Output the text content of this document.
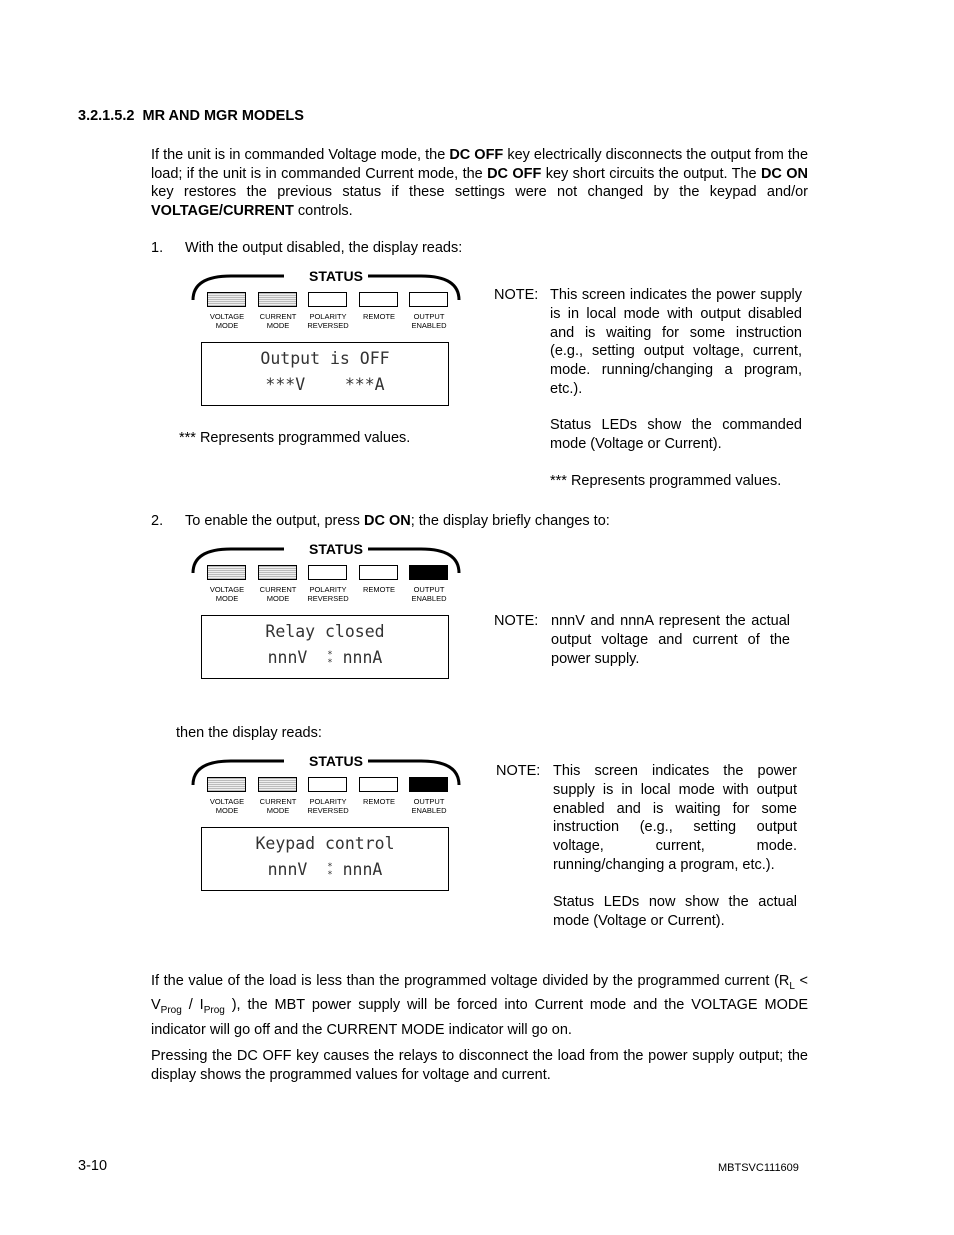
3.2.1.5.2  MR AND MGR MODELS
If the unit is in commanded Voltage mode, the DC OFF key electrically disconnects the output from the load; if the unit is in commanded Current mode, the DC OFF key short circuits the output. The DC ON key restores the previous status if these settings were not changed by the keypad and/or VOLTAGE/CURRENT controls.
1. With the output disabled, the display reads:
STATUS
VOLTAGE
MODE
CURRENT
MODE
POLARITY
REVERSED
REMOTE	OUTPUT
ENABLED
Output is OFF
***V    ***A
*** Represents programmed values.
NOTE: This screen indicates the power supply is in local mode with output disabled and is waiting for some instruction (e.g., setting output voltage, current, mode. running/changing a program, etc.).
Status LEDs show the commanded mode (Voltage or Current).
*** Represents programmed values.
2. To enable the output, press DC ON; the display briefly changes to:
STATUS
VOLTAGE
MODE
CURRENT
MODE
POLARITY
REVERSED
REMOTE	OUTPUT
ENABLED
Relay closed
nnnV *
* nnnA
NOTE: nnnV and nnnA represent the actual output voltage and current of the power supply.
then the display reads:
STATUS
VOLTAGE
MODE
CURRENT
MODE
POLARITY
REVERSED
REMOTE	OUTPUT
ENABLED
Keypad control
nnnV *
* nnnA
NOTE: This screen indicates the power supply is in local mode with output enabled and is waiting for some instruction (e.g., setting output voltage, current, mode. running/changing a program, etc.).
Status LEDs now show the actual mode (Voltage or Current).
If the value of the load is less than the programmed voltage divided by the programmed current ($R_L < V_{Prog} / I_{Prog}$ ), the MBT power supply will be forced into Current mode and the VOLTAGE MODE indicator will go off and the CURRENT MODE indicator will go on.
Pressing the DC OFF key causes the relays to disconnect the load from the power supply output; the display shows the programmed values for voltage and current.
3-10	MBTSVC111609
